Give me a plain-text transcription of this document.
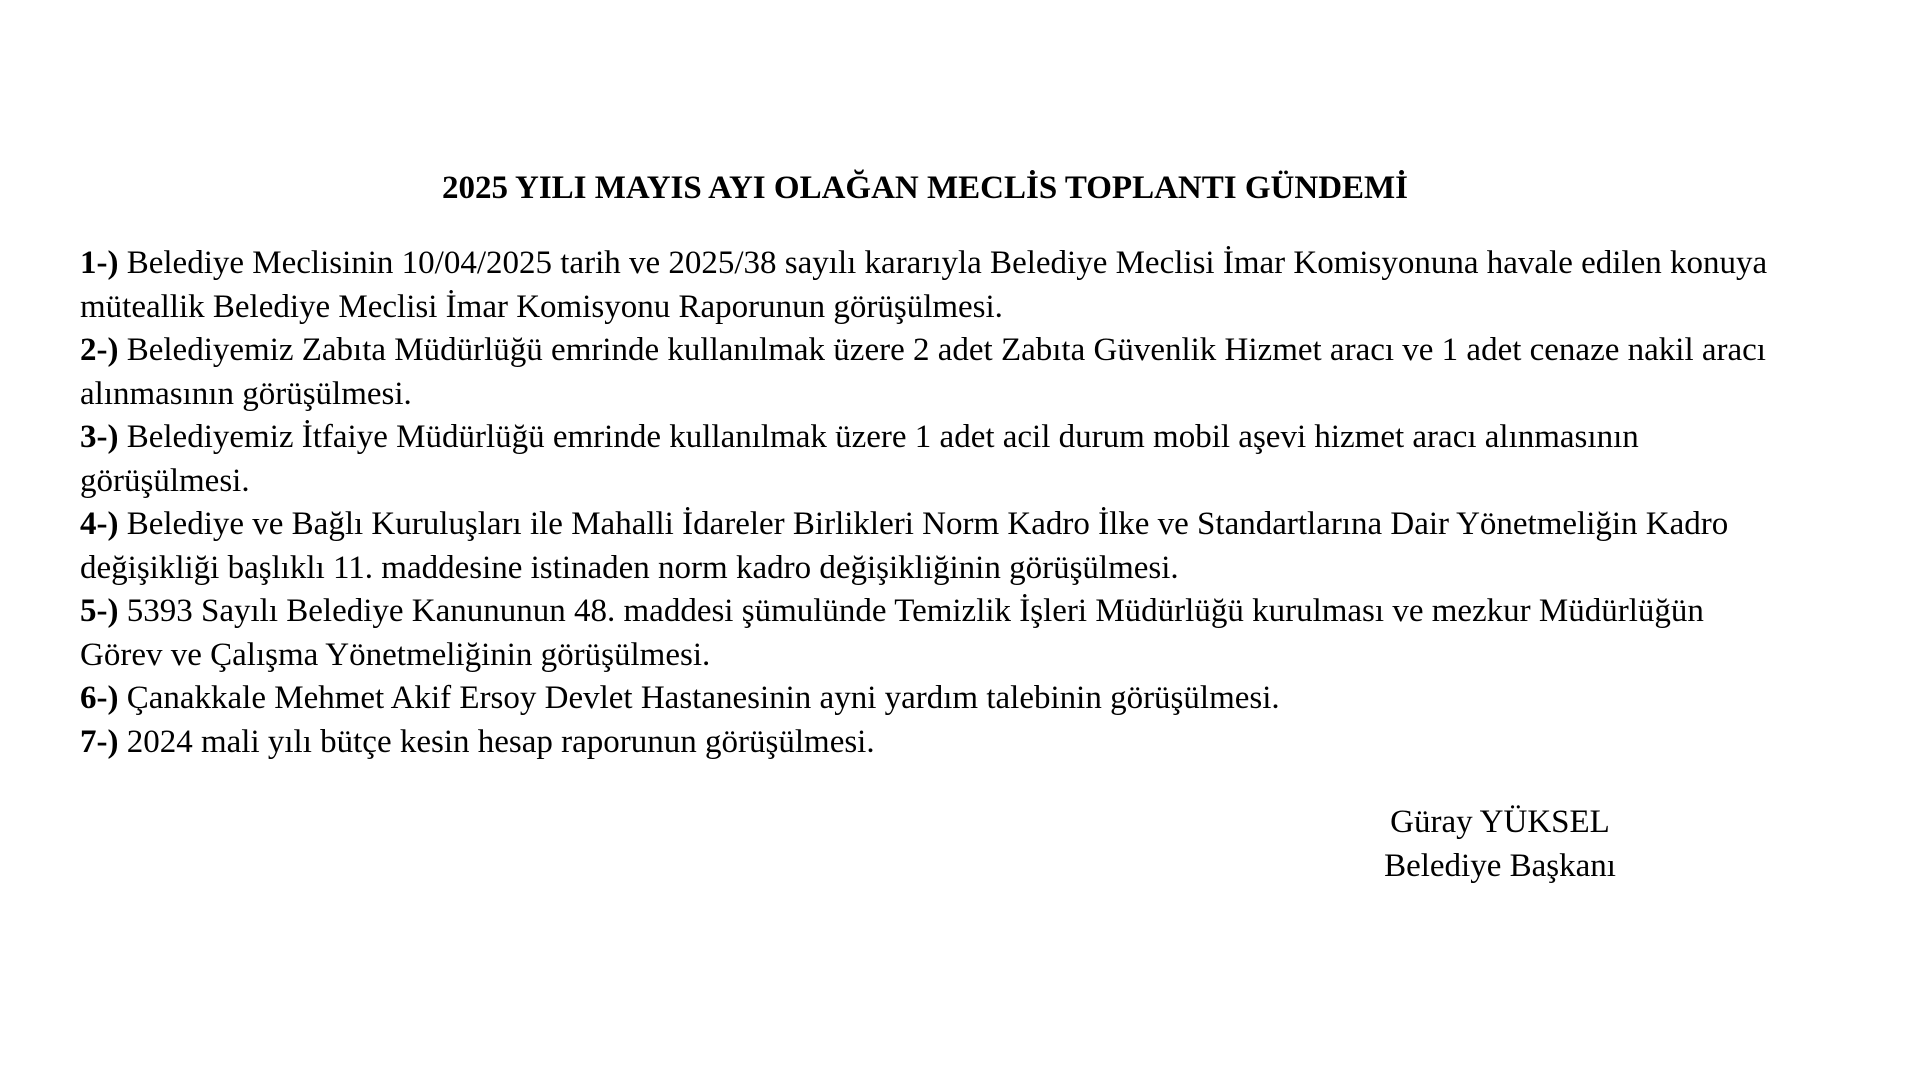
2025 YILI MAYIS AYI OLAĞAN MECLİS TOPLANTI GÜNDEMİ
1-) Belediye Meclisinin 10/04/2025 tarih ve 2025/38 sayılı kararıyla Belediye Meclisi İmar Komisyonuna havale edilen konuya müteallik Belediye Meclisi İmar Komisyonu Raporunun görüşülmesi.
2-) Belediyemiz Zabıta Müdürlüğü emrinde kullanılmak üzere 2 adet Zabıta Güvenlik Hizmet aracı ve 1 adet cenaze nakil aracı alınmasının görüşülmesi.
3-) Belediyemiz İtfaiye Müdürlüğü emrinde kullanılmak üzere 1 adet acil durum mobil aşevi hizmet aracı alınmasının görüşülmesi.
4-) Belediye ve Bağlı Kuruluşları ile Mahalli İdareler Birlikleri Norm Kadro İlke ve Standartlarına Dair Yönetmeliğin Kadro değişikliği başlıklı 11. maddesine istinaden norm kadro değişikliğinin görüşülmesi.
5-) 5393 Sayılı Belediye Kanununun 48. maddesi şümulünde Temizlik İşleri Müdürlüğü kurulması ve mezkur Müdürlüğün Görev ve Çalışma Yönetmeliğinin görüşülmesi.
6-) Çanakkale Mehmet Akif Ersoy Devlet Hastanesinin ayni yardım talebinin görüşülmesi.
7-) 2024 mali yılı bütçe kesin hesap raporunun görüşülmesi.
Güray YÜKSEL
Belediye Başkanı
